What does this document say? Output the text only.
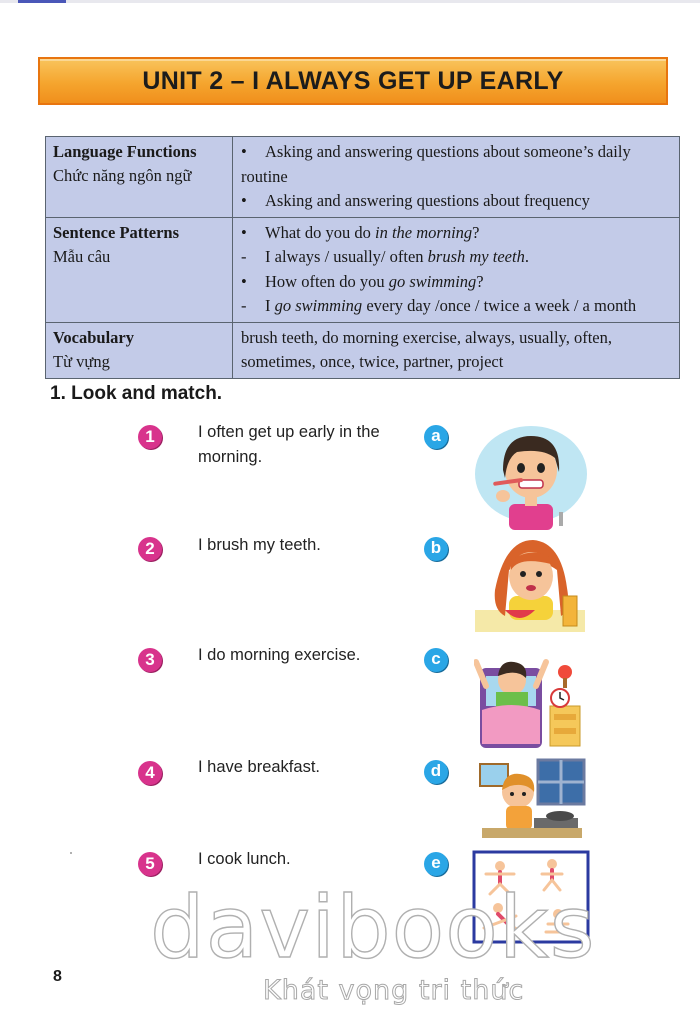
UNIT 2 – I ALWAYS GET UP EARLY
Language Functions
Chức năng ngôn ngữ	• Asking and answering questions about someone’s daily
routine
• Asking and answering questions about frequency

Sentence Patterns
Mẫu câu	• What do you do in the morning?
- I always / usually/ often brush my teeth.
• How often do you go swimming?
- I go swimming every day /once / twice a week / a month

Vocabulary
Từ vựng	brush teeth, do morning exercise, always, usually, often,
sometimes, once, twice, partner, project
1. Look and match.
1
2
3
4
5
I often get up early in the morning.
I brush my teeth.
I do morning exercise.
I have breakfast.
I cook lunch.
a
b
c
d
e
davibooks
Khát vọng tri thức
8
